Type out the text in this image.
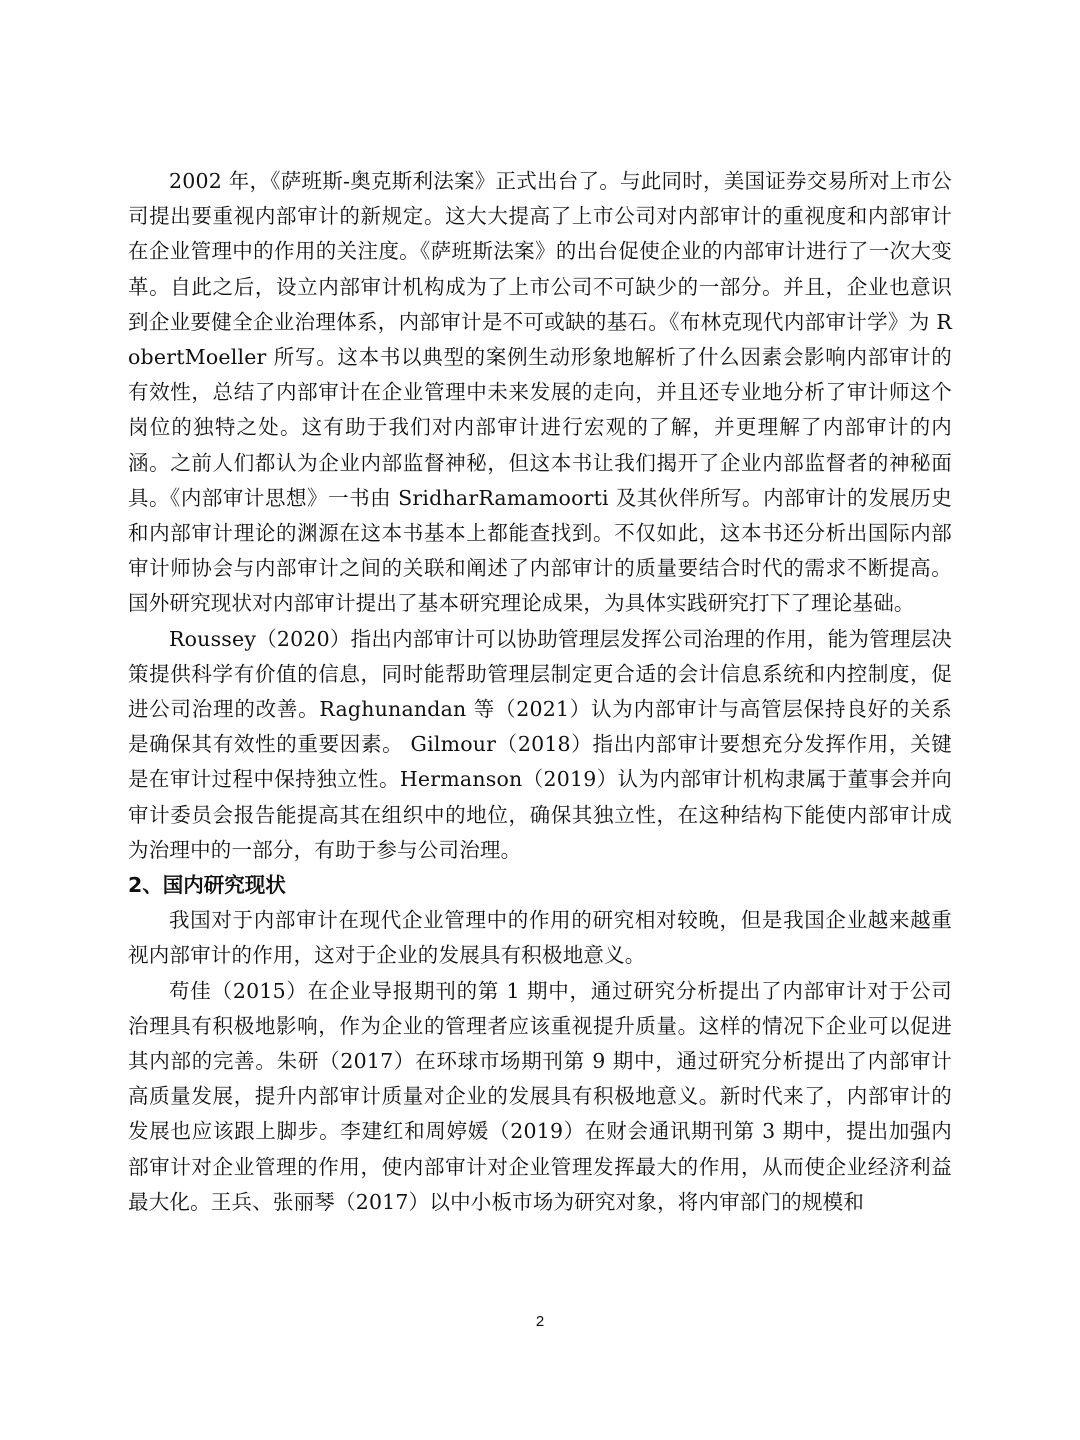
2002 年，《萨班斯-奥克斯利法案》正式出台了。与此同时，美国证券交易所对上市公司提出要重视内部审计的新规定。这大大提高了上市公司对内部审计的重视度和内部审计在企业管理中的作用的关注度。《萨班斯法案》的出台促使企业的内部审计进行了一次大变革。自此之后，设立内部审计机构成为了上市公司不可缺少的一部分。并且，企业也意识到企业要健全企业治理体系，内部审计是不可或缺的基石。《布林克现代内部审计学》为 RobertMoeller 所写。这本书以典型的案例生动形象地解析了什么因素会影响内部审计的有效性，总结了内部审计在企业管理中未来发展的走向，并且还专业地分析了审计师这个岗位的独特之处。这有助于我们对内部审计进行宏观的了解，并更理解了内部审计的内涵。之前人们都认为企业内部监督神秘，但这本书让我们揭开了企业内部监督者的神秘面具。《内部审计思想》一书由 SridharRamamoorti 及其伙伴所写。内部审计的发展历史和内部审计理论的渊源在这本书基本上都能查找到。不仅如此，这本书还分析出国际内部审计师协会与内部审计之间的关联和阐述了内部审计的质量要结合时代的需求不断提高。国外研究现状对内部审计提出了基本研究理论成果，为具体实践研究打下了理论基础。

Roussey（2020）指出内部审计可以协助管理层发挥公司治理的作用，能为管理层决策提供科学有价值的信息，同时能帮助管理层制定更合适的会计信息系统和内控制度，促进公司治理的改善。Raghunandan 等（2021）认为内部审计与高管层保持良好的关系是确保其有效性的重要因素。 Gilmour（2018）指出内部审计要想充分发挥作用，关键是在审计过程中保持独立性。Hermanson（2019）认为内部审计机构隶属于董事会并向审计委员会报告能提高其在组织中的地位，确保其独立性，在这种结构下能使内部审计成为治理中的一部分，有助于参与公司治理。

2、国内研究现状

我国对于内部审计在现代企业管理中的作用的研究相对较晚，但是我国企业越来越重视内部审计的作用，这对于企业的发展具有积极地意义。

苟佳（2015）在企业导报期刊的第 1 期中，通过研究分析提出了内部审计对于公司治理具有积极地影响，作为企业的管理者应该重视提升质量。这样的情况下企业可以促进其内部的完善。朱研（2017）在环球市场期刊第 9 期中，通过研究分析提出了内部审计高质量发展，提升内部审计质量对企业的发展具有积极地意义。新时代来了，内部审计的发展也应该跟上脚步。李建红和周婷媛（2019）在财会通讯期刊第 3 期中，提出加强内部审计对企业管理的作用，使内部审计对企业管理发挥最大的作用，从而使企业经济利益最大化。王兵、张丽琴（2017）以中小板市场为研究对象，将内审部门的规模和

2
